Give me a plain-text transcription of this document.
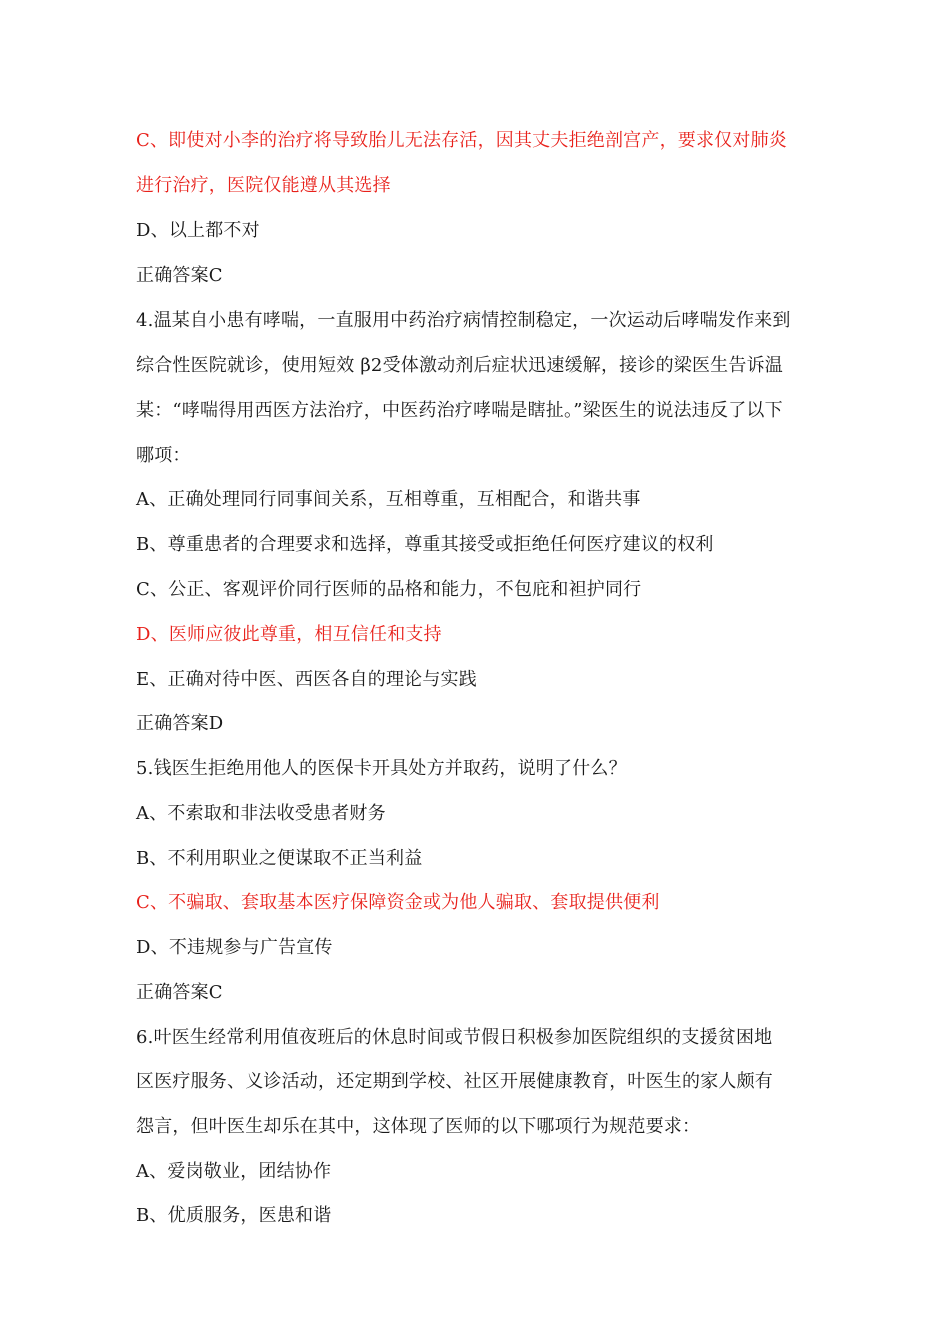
C、即使对小李的治疗将导致胎儿无法存活，因其丈夫拒绝剖宫产，要求仅对肺炎
进行治疗，医院仅能遵从其选择
D、以上都不对
正确答案C
4.温某自小患有哮喘，一直服用中药治疗病情控制稳定，一次运动后哮喘发作来到
综合性医院就诊，使用短效 β2受体激动剂后症状迅速缓解，接诊的梁医生告诉温
某：“哮喘得用西医方法治疗，中医药治疗哮喘是瞎扯。”梁医生的说法违反了以下
哪项：
A、正确处理同行同事间关系，互相尊重，互相配合，和谐共事
B、尊重患者的合理要求和选择，尊重其接受或拒绝任何医疗建议的权利
C、公正、客观评价同行医师的品格和能力，不包庇和袒护同行
D、医师应彼此尊重，相互信任和支持
E、正确对待中医、西医各自的理论与实践
正确答案D
5.钱医生拒绝用他人的医保卡开具处方并取药，说明了什么？
A、不索取和非法收受患者财务
B、不利用职业之便谋取不正当利益
C、不骗取、套取基本医疗保障资金或为他人骗取、套取提供便利
D、不违规参与广告宣传
正确答案C
6.叶医生经常利用值夜班后的休息时间或节假日积极参加医院组织的支援贫困地
区医疗服务、义诊活动，还定期到学校、社区开展健康教育，叶医生的家人颇有
怨言，但叶医生却乐在其中，这体现了医师的以下哪项行为规范要求：
A、爱岗敬业，团结协作
B、优质服务，医患和谐
